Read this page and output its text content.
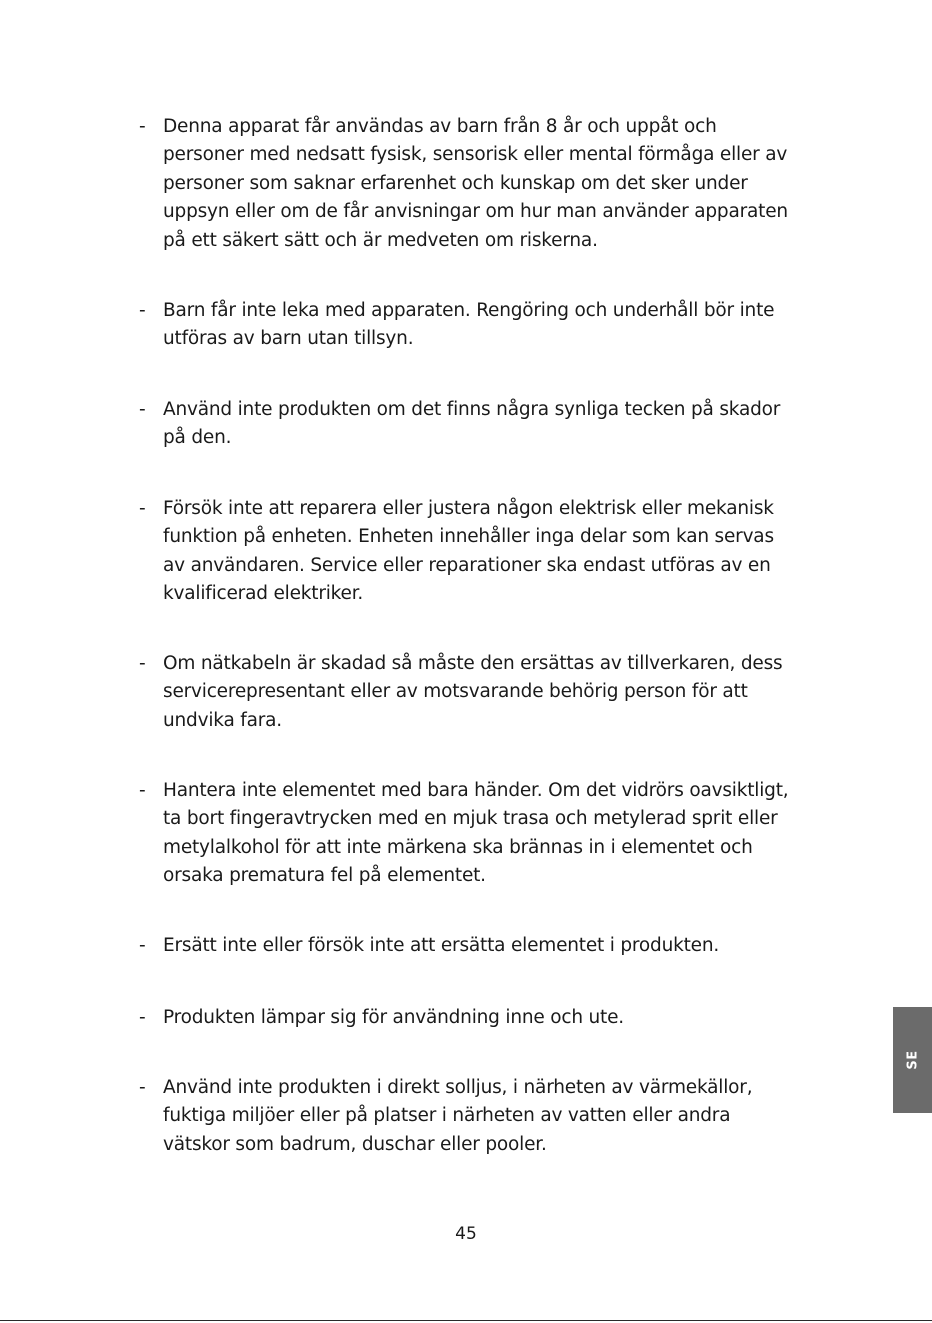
- Denna apparat får användas av barn från 8 år och uppåt och personer med nedsatt fysisk, sensorisk eller mental förmåga eller av personer som saknar erfarenhet och kunskap om det sker under uppsyn eller om de får anvisningar om hur man använder apparaten på ett säkert sätt och är medveten om riskerna.
- Barn får inte leka med apparaten. Rengöring och underhåll bör inte utföras av barn utan tillsyn.
- Använd inte produkten om det finns några synliga tecken på skador på den.
- Försök inte att reparera eller justera någon elektrisk eller mekanisk funktion på enheten. Enheten innehåller inga delar som kan servas av användaren. Service eller reparationer ska endast utföras av en kvalificerad elektriker.
- Om nätkabeln är skadad så måste den ersättas av tillverkaren, dess servicerepresentant eller av motsvarande behörig person för att undvika fara.
- Hantera inte elementet med bara händer. Om det vidrörs oavsiktligt, ta bort fingeravtrycken med en mjuk trasa och metylerad sprit eller metylalkohol för att inte märkena ska brännas in i elementet och orsaka prematura fel på elementet.
- Ersätt inte eller försök inte att ersätta elementet i produkten.
- Produkten lämpar sig för användning inne och ute.
- Använd inte produkten i direkt solljus, i närheten av värmekällor, fuktiga miljöer eller på platser i närheten av vatten eller andra vätskor som badrum, duschar eller pooler.
45
SE
